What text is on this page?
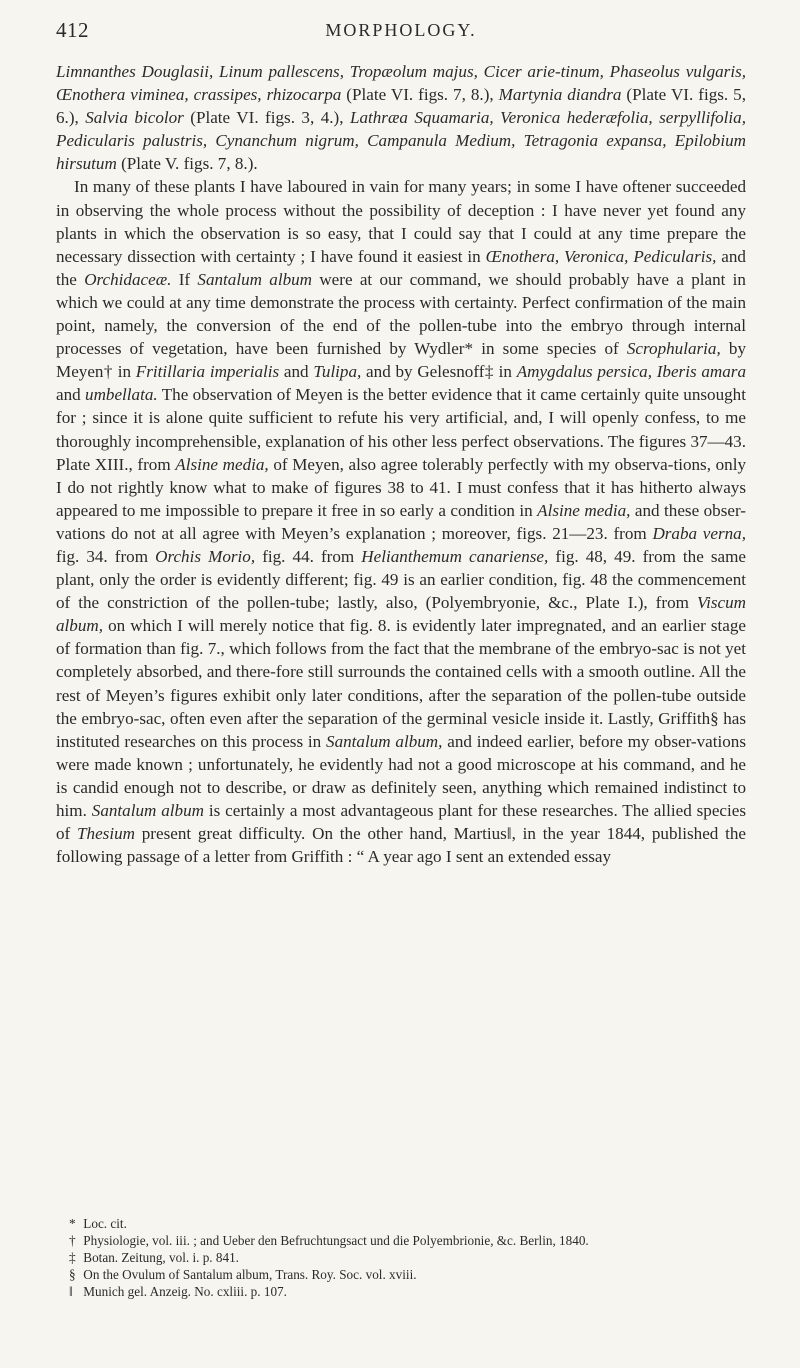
412	MORPHOLOGY.

Limnanthes Douglasii, Linum pallescens, Tropæolum majus, Cicer arie-tinum, Phaseolus vulgaris, Œnothera viminea, crassipes, rhizocarpa (Plate VI. figs. 7, 8.), Martynia diandra (Plate VI. figs. 5, 6.), Salvia bicolor (Plate VI. figs. 3, 4.), Lathræa Squamaria, Veronica hederæfolia, serpyllifolia, Pedicularis palustris, Cynanchum nigrum, Campanula Medium, Tetragonia expansa, Epilobium hirsutum (Plate V. figs. 7, 8.).

In many of these plants I have laboured in vain for many years; in some I have oftener succeeded in observing the whole process without the possibility of deception : I have never yet found any plants in which the observation is so easy, that I could say that I could at any time prepare the necessary dissection with certainty ; I have found it easiest in Œnothera, Veronica, Pedicularis, and the Orchidaceæ. If Santalum album were at our command, we should probably have a plant in which we could at any time demonstrate the process with certainty. Perfect confirmation of the main point, namely, the conversion of the end of the pollen-tube into the embryo through internal processes of vegetation, have been furnished by Wydler* in some species of Scrophularia, by Meyen† in Fritillaria imperialis and Tulipa, and by Gelesnoff‡ in Amygdalus persica, Iberis amara and umbellata. The observation of Meyen is the better evidence that it came certainly quite unsought for ; since it is alone quite sufficient to refute his very artificial, and, I will openly confess, to me thoroughly incomprehensible, explanation of his other less perfect observations. The figures 37—43. Plate XIII., from Alsine media, of Meyen, also agree tolerably perfectly with my observa-tions, only I do not rightly know what to make of figures 38 to 41. I must confess that it has hitherto always appeared to me impossible to prepare it free in so early a condition in Alsine media, and these obser-vations do not at all agree with Meyen’s explanation ; moreover, figs. 21—23. from Draba verna, fig. 34. from Orchis Morio, fig. 44. from Helianthemum canariense, fig. 48, 49. from the same plant, only the order is evidently different; fig. 49 is an earlier condition, fig. 48 the commencement of the constriction of the pollen-tube; lastly, also, (Polyembryonie, &c., Plate I.), from Viscum album, on which I will merely notice that fig. 8. is evidently later impregnated, and an earlier stage of formation than fig. 7., which follows from the fact that the membrane of the embryo-sac is not yet completely absorbed, and there-fore still surrounds the contained cells with a smooth outline. All the rest of Meyen’s figures exhibit only later conditions, after the separation of the pollen-tube outside the embryo-sac, often even after the separation of the germinal vesicle inside it. Lastly, Griffith§ has instituted researches on this process in Santalum album, and indeed earlier, before my obser-vations were made known ; unfortunately, he evidently had not a good microscope at his command, and he is candid enough not to describe, or draw as definitely seen, anything which remained indistinct to him. Santalum album is certainly a most advantageous plant for these researches. The allied species of Thesium present great difficulty. On the other hand, Martius‖, in the year 1844, published the following passage of a letter from Griffith : “ A year ago I sent an extended essay

* Loc. cit.
† Physiologie, vol. iii. ; and Ueber den Befruchtungsact und die Polyembrionie, &c. Berlin, 1840.
‡ Botan. Zeitung, vol. i. p. 841.
§ On the Ovulum of Santalum album, Trans. Roy. Soc. vol. xviii.
‖ Munich gel. Anzeig. No. cxliii. p. 107.
